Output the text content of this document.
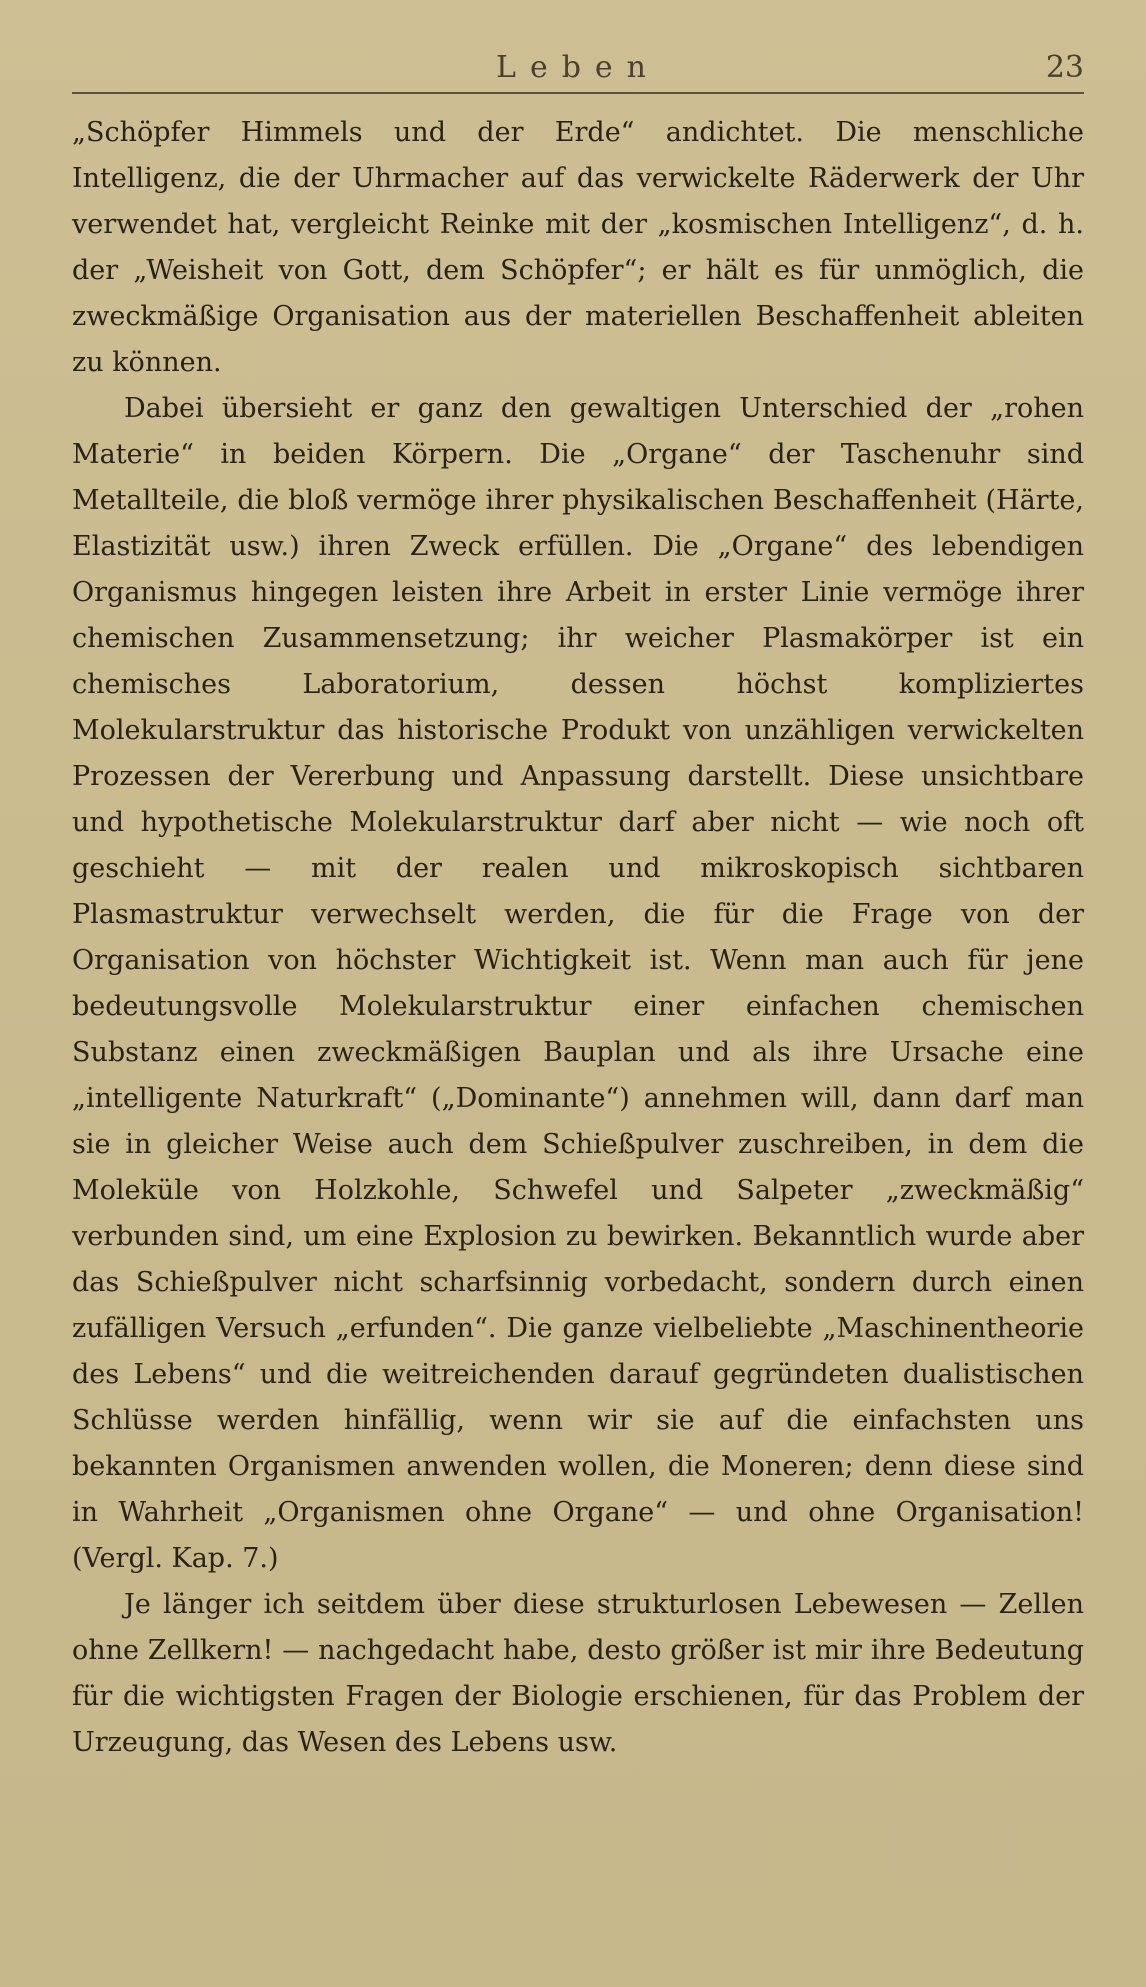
Leben	23

„Schöpfer Himmels und der Erde“ andichtet. Die menschliche Intelligenz, die der Uhrmacher auf das verwickelte Räderwerk der Uhr verwendet hat, vergleicht Reinke mit der „kosmischen Intelligenz“, d. h. der „Weisheit von Gott, dem Schöpfer“; er hält es für unmöglich, die zweckmäßige Organisation aus der materiellen Beschaffenheit ableiten zu können.

Dabei übersieht er ganz den gewaltigen Unterschied der „rohen Materie“ in beiden Körpern. Die „Organe“ der Taschenuhr sind Metallteile, die bloß vermöge ihrer physikalischen Beschaffenheit (Härte, Elastizität usw.) ihren Zweck erfüllen. Die „Organe“ des lebendigen Organismus hingegen leisten ihre Arbeit in erster Linie vermöge ihrer chemischen Zusammensetzung; ihr weicher Plasmakörper ist ein chemisches Laboratorium, dessen höchst kompliziertes Molekularstruktur das historische Produkt von unzähligen verwickelten Prozessen der Vererbung und Anpassung darstellt. Diese unsichtbare und hypothetische Molekularstruktur darf aber nicht — wie noch oft geschieht — mit der realen und mikroskopisch sichtbaren Plasmastruktur verwechselt werden, die für die Frage von der Organisation von höchster Wichtigkeit ist. Wenn man auch für jene bedeutungsvolle Molekularstruktur einer einfachen chemischen Substanz einen zweckmäßigen Bauplan und als ihre Ursache eine „intelligente Naturkraft“ („Dominante“) annehmen will, dann darf man sie in gleicher Weise auch dem Schießpulver zuschreiben, in dem die Moleküle von Holzkohle, Schwefel und Salpeter „zweckmäßig“ verbunden sind, um eine Explosion zu bewirken. Bekanntlich wurde aber das Schießpulver nicht scharfsinnig vorbedacht, sondern durch einen zufälligen Versuch „erfunden“. Die ganze vielbeliebte „Maschinentheorie des Lebens“ und die weitreichenden darauf gegründeten dualistischen Schlüsse werden hinfällig, wenn wir sie auf die einfachsten uns bekannten Organismen anwenden wollen, die Moneren; denn diese sind in Wahrheit „Organismen ohne Organe“ — und ohne Organisation! (Vergl. Kap. 7.)

Je länger ich seitdem über diese strukturlosen Lebewesen — Zellen ohne Zellkern! — nachgedacht habe, desto größer ist mir ihre Bedeutung für die wichtigsten Fragen der Biologie erschienen, für das Problem der Urzeugung, das Wesen des Lebens usw.
